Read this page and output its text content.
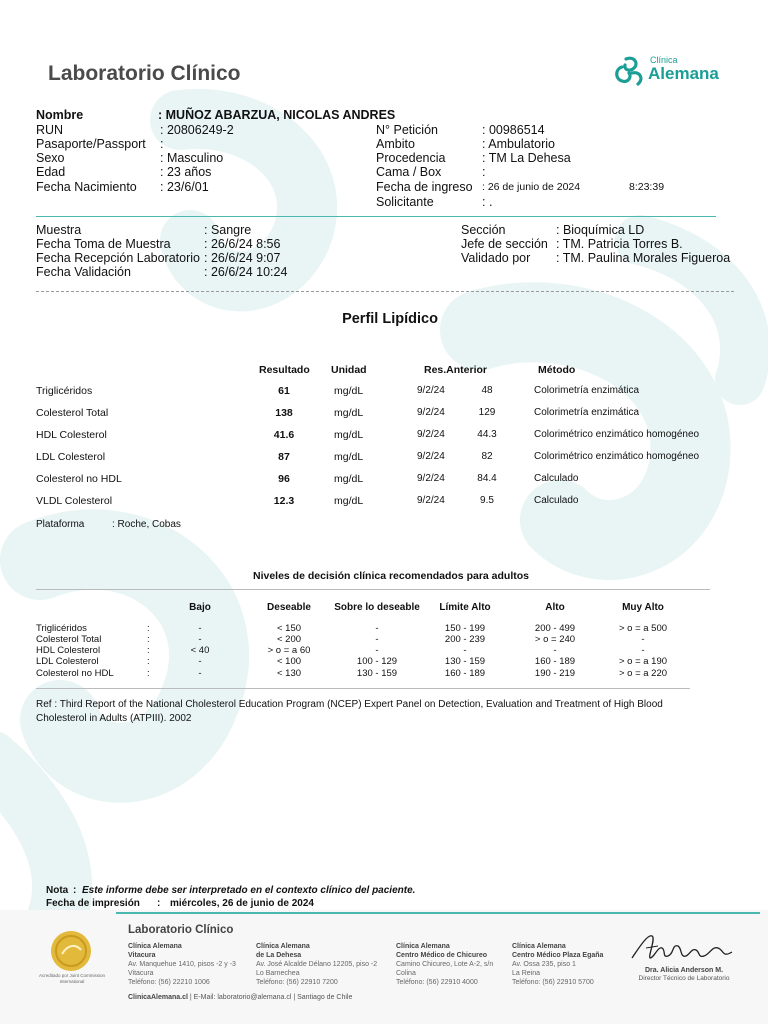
Laboratorio Clínico
Clínica
Alemana
Nombre	: MUÑOZ ABARZUA, NICOLAS ANDRES
RUN	: 20806249-2
Pasaporte/Passport :
Sexo	: Masculino
Edad	: 23 años
Fecha Nacimiento : 23/6/01
N° Petición	: 00986514
Ambito	: Ambulatorio
Procedencia	: TM La Dehesa
Cama / Box	:
Fecha de ingreso : 26 de junio de 2024	8:23:39
Solicitante	: .
Muestra	: Sangre
Fecha Toma de Muestra	: 26/6/24 8:56
Fecha Recepción Laboratorio : 26/6/24 9:07
Fecha Validación	: 26/6/24 10:24
Sección	: Bioquímica LD
Jefe de sección : TM. Patricia Torres B.
Validado por : TM. Paulina Morales Figueroa
Perfil Lipídico
Resultado Unidad	Res.Anterior	Método
Triglicéridos	61	mg/dL	9/2/24	48	Colorimetría enzimática
Colesterol Total	138	mg/dL	9/2/24	129	Colorimetría enzimática
HDL Colesterol	41.6	mg/dL	9/2/24	44.3	Colorimétrico enzimático homogéneo
LDL Colesterol	87	mg/dL	9/2/24	82	Colorimétrico enzimático homogéneo
Colesterol no HDL	96	mg/dL	9/2/24	84.4	Calculado
VLDL Colesterol	12.3	mg/dL	9/2/24	9.5	Calculado
Plataforma	: Roche, Cobas
Niveles de decisión clínica recomendados para adultos
Bajo	Deseable	Sobre lo deseable	Límite Alto	Alto	Muy Alto
Triglicéridos	:	-	< 150	-	150 - 199	200 - 499	> o = a 500
Colesterol Total	:	-	< 200	-	200 - 239	> o = 240	-
HDL Colesterol	:	< 40	> o = a 60	-	-	-	-
LDL Colesterol	:	-	< 100	100 - 129	130 - 159	160 - 189	> o = a 190
Colesterol no HDL	:	-	< 130	130 - 159	160 - 189	190 - 219	> o = a 220
Ref : Third Report of the National Cholesterol Education Program (NCEP) Expert Panel on Detection, Evaluation and Treatment of High Blood Cholesterol in Adults (ATPIII). 2002
Nota : Este informe debe ser interpretado en el contexto clínico del paciente.
Fecha de impresión : miércoles, 26 de junio de 2024
Laboratorio Clínico
Acreditado por Joint Commission International
Clínica Alemana
Vitacura
Av. Manquehue 1410, pisos -2 y -3
Vitacura
Teléfono: (56) 22210 1006
Clínica Alemana
de La Dehesa
Av. José Alcalde Délano 12205, piso -2
Lo Barnechea
Teléfono: (56) 22910 7200
Clínica Alemana
Centro Médico de Chicureo
Camino Chicureo, Lote A-2, s/n
Colina
Teléfono: (56) 22910 4000
Clínica Alemana
Centro Médico Plaza Egaña
Av. Ossa 235, piso 1
La Reina
Teléfono: (56) 22910 5700
Dra. Alicia Anderson M.
Director Técnico de Laboratorio
ClinicaAlemana.cl | E-Mail: laboratorio@alemana.cl | Santiago de Chile
